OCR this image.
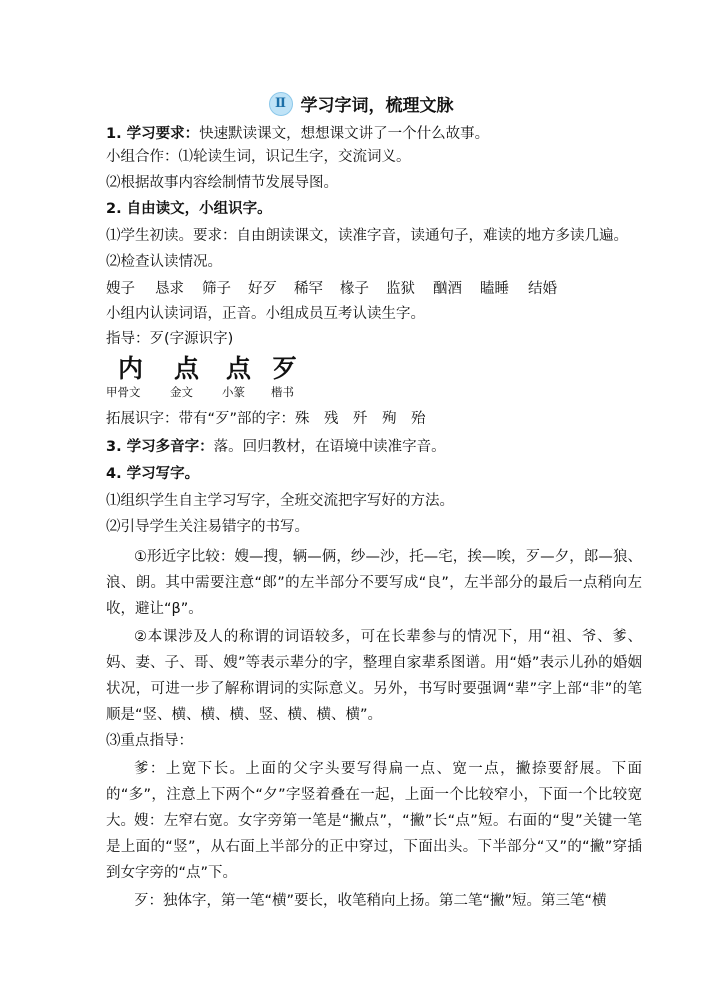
Ⅱ 学习字词，梳理文脉
1. 学习要求：快速默读课文，想想课文讲了一个什么故事。
小组合作：⑴轮读生词，识记生字，交流词义。
⑵根据故事内容绘制情节发展导图。
2. 自由读文，小组识字。
⑴学生初读。要求：自由朗读课文，读准字音，读通句子，难读的地方多读几遍。
⑵检查认读情况。
嫂子 恳求 筛子 好歹 稀罕 椽子 监狱 酗酒 瞌睡 结婚
小组内认读词语，正音。小组成员互考认读生字。
指导：歹(字源识字)
内 点 点 歹
甲骨文	金文	小篆 楷书
拓展识字：带有“歹”部的字：殊　残　歼　殉　殆
3. 学习多音字：落。回归教材，在语境中读准字音。
4. 学习写字。
⑴组织学生自主学习写字，全班交流把字写好的方法。
⑵引导学生关注易错字的书写。
①形近字比较：嫂—搜，辆—俩，纱—沙，托—宅，挨—唉，歹—夕，郎—狼、浪、朗。其中需要注意“郎”的左半部分不要写成“良”，左半部分的最后一点稍向左收，避让“β”。
②本课涉及人的称谓的词语较多，可在长辈参与的情况下，用“祖、爷、爹、妈、妻、子、哥、嫂”等表示辈分的字，整理自家辈系图谱。用“婚”表示儿孙的婚姻状况，可进一步了解称谓词的实际意义。另外，书写时要强调“辈”字上部“非”的笔顺是“竖、横、横、横、竖、横、横、横”。
⑶重点指导：
爹：上宽下长。上面的父字头要写得扁一点、宽一点，撇捺要舒展。下面的“多”，注意上下两个“夕”字竖着叠在一起，上面一个比较窄小，下面一个比较宽大。 嫂：左窄右宽。女字旁第一笔是“撇点”，“撇”长“点”短。右面的“叟”关键一笔是上面的“竖”，从右面上半部分的正中穿过，下面出头。下半部分“又”的“撇”穿插到女字旁的“点”下。
歹：独体字，第一笔“横”要长，收笔稍向上扬。第二笔“撇”短。第三笔“横
